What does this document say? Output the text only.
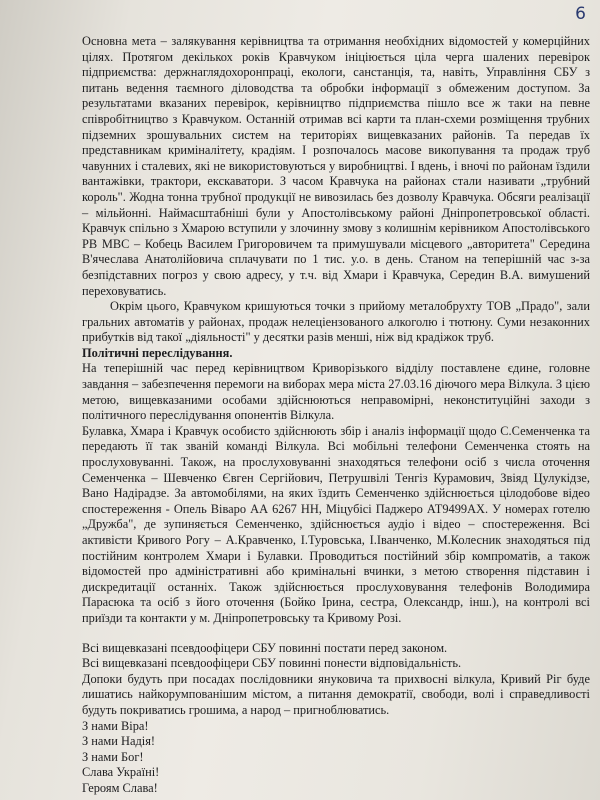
6

Основна мета – залякування керівництва та отримання необхідних відомостей у комерційних цілях. Протягом декількох років Кравчуком ініціюється ціла черга шалених перевірок підприємства: держнаглядохоронпраці, екологи, санстанція, та, навіть, Управління СБУ з питань ведення таємного діловодства та обробки інформації з обмеженим доступом. За результатами вказаних перевірок, керівництво підприємства пішло все ж таки на певне співробітництво з Кравчуком. Останній отримав всі карти та план-схеми розміщення трубних підземних зрошувальних систем на територіях вищевказаних районів. Та передав їх представникам криміналітету, крадіям. І розпочалось масове викопування та продаж труб чавунних і сталевих, які не використовуються у виробництві. І вдень, і вночі по районам їздили вантажівки, трактори, екскаватори. З часом Кравчука на районах стали називати „трубний король". Жодна тонна трубної продукції не вивозилась без дозволу Кравчука. Обсяги реалізації – мільйонні. Наймасштабніші були у Апостолівському районі Дніпропетровської області. Кравчук спільно з Хмарою вступили у злочинну змову з колишнім керівником Апостолівського РВ МВС – Кобець Василем Григоровичем та примушували місцевого „авторитета" Середина В'ячеслава Анатолійовича сплачувати по 1 тис. у.о. в день. Станом на теперішній час з-за безпідставних погроз у свою адресу, у т.ч. від Хмари і Кравчука, Середин В.А. вимушений переховуватись.

Окрім цього, Кравчуком кришуються точки з прийому металобрухту ТОВ „Прадо", зали гральних автоматів у районах, продаж нелеціензованого алкоголю і тютюну. Суми незаконних прибутків від такої „діяльності" у десятки разів менші, ніж від крадіжок труб.

Політичні переслідування.

На теперішній час перед керівництвом Криворізького відділу поставлене єдине, головне завдання – забезпечення перемоги на виборах мера міста 27.03.16 діючого мера Вілкула. З цією метою, вищевказаними особами здійснюються неправомірні, неконституційні заходи з політичного переслідування опонентів Вілкула.

Булавка, Хмара і Кравчук особисто здійснюють збір і аналіз інформації щодо С.Семенченка та передають її так званій команді Вілкула. Всі мобільні телефони Семенченка стоять на прослуховуванні. Також, на прослуховуванні знаходяться телефони осіб з числа оточення Семенченка – Шевченко Євген Сергійович, Петрушвілі Тенгіз Курамович, Звіяд Цулукідзе, Вано Надірадзе. За автомобілями, на яких їздить Семенченко здійснюється цілодобове відео спостереження - Опель Віваро АА 6267 НН, Міцубісі Паджеро АТ9499АХ. У номерах готелю „Дружба", де зупиняється Семенченко, здійснюється аудіо і відео – спостереження. Всі активісти Кривого Рогу – А.Кравченко, І.Туровська, І.Іванченко, М.Колесник знаходяться під постійним контролем Хмари і Булавки. Проводиться постійний збір компроматів, а також відомостей про адміністративні або кримінальні вчинки, з метою створення підставин і дискредитації останніх. Також здійснюється прослуховування телефонів Володимира Парасюка та осіб з його оточення (Бойко Ірина, сестра, Олександр, інш.), на контролі всі приїзди та контакти у м. Дніпропетровську та Кривому Розі.

Всі вищевказані псевдоофіцери СБУ повинні постати перед законом.

Всі вищевказані псевдоофіцери СБУ повинні понести відповідальність.

Допоки будуть при посадах послідовники януковича та прихвосні вілкула, Кривий Ріг буде лишатись найкорумпованішим містом, а питання демократії, свободи, волі і справедливості будуть покриватись грошима, а народ – пригноблюватись.

З нами Віра!

З нами Надія!

З нами Бог!

Слава Україні!

Героям Слава!
